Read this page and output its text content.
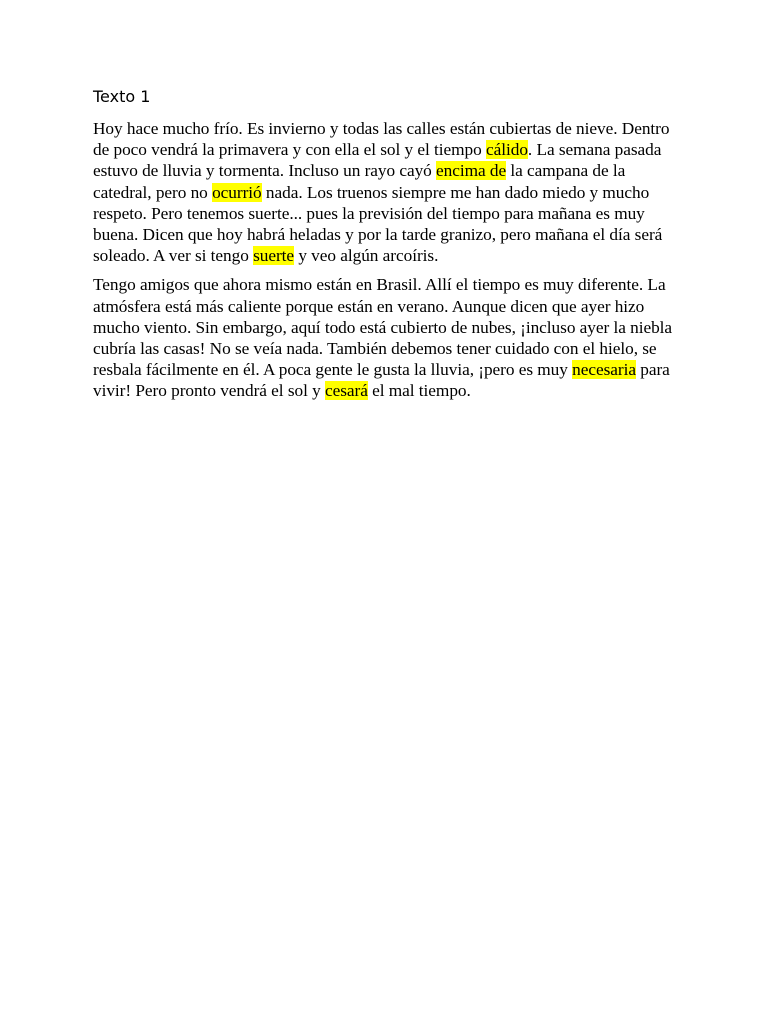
Texto 1

Hoy hace mucho frío. Es invierno y todas las calles están cubiertas de nieve. Dentro de poco vendrá la primavera y con ella el sol y el tiempo cálido. La semana pasada estuvo de lluvia y tormenta. Incluso un rayo cayó encima de la campana de la catedral, pero no ocurrió nada. Los truenos siempre me han dado miedo y mucho respeto. Pero tenemos suerte... pues la previsión del tiempo para mañana es muy buena. Dicen que hoy habrá heladas y por la tarde granizo, pero mañana el día será soleado. A ver si tengo suerte y veo algún arcoíris.

Tengo amigos que ahora mismo están en Brasil. Allí el tiempo es muy diferente. La atmósfera está más caliente porque están en verano. Aunque dicen que ayer hizo mucho viento. Sin embargo, aquí todo está cubierto de nubes, ¡incluso ayer la niebla cubría las casas! No se veía nada. También debemos tener cuidado con el hielo, se resbala fácilmente en él. A poca gente le gusta la lluvia, ¡pero es muy necesaria para vivir! Pero pronto vendrá el sol y cesará el mal tiempo.
